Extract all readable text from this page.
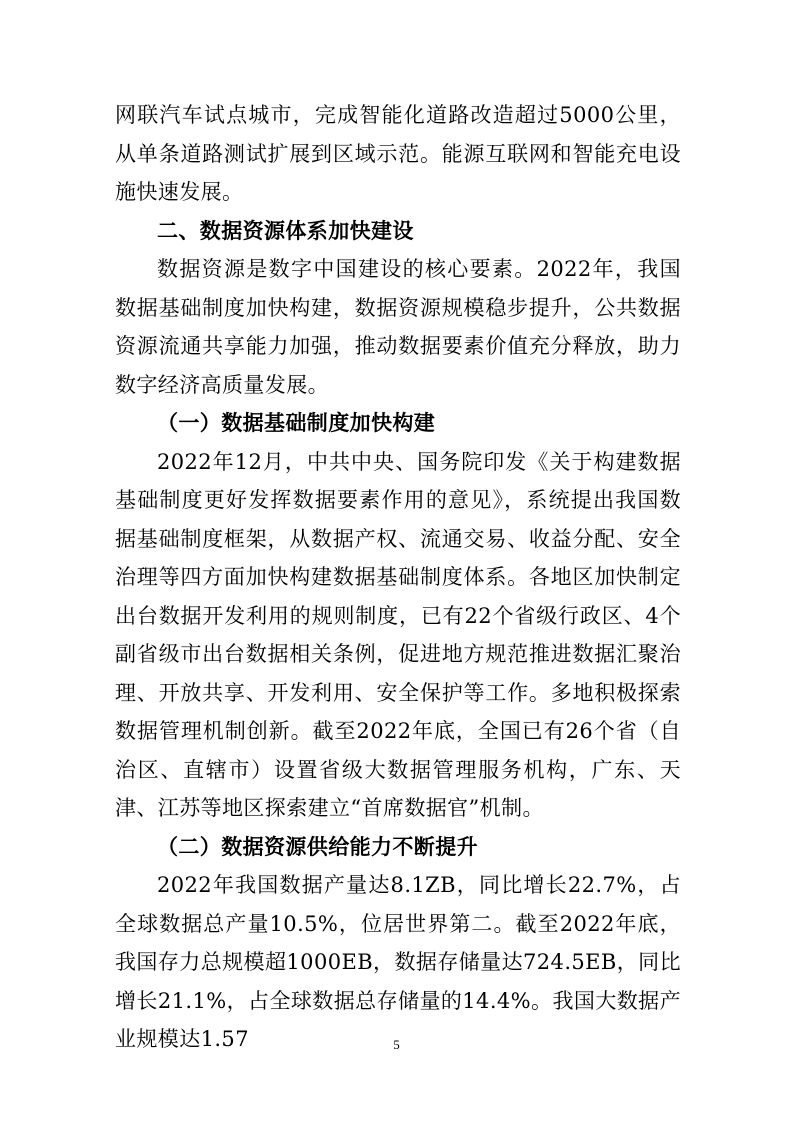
网联汽车试点城市，完成智能化道路改造超过5000公里，从单条道路测试扩展到区域示范。能源互联网和智能充电设施快速发展。

二、数据资源体系加快建设

数据资源是数字中国建设的核心要素。2022年，我国数据基础制度加快构建，数据资源规模稳步提升，公共数据资源流通共享能力加强，推动数据要素价值充分释放，助力数字经济高质量发展。

（一）数据基础制度加快构建

2022年12月，中共中央、国务院印发《关于构建数据基础制度更好发挥数据要素作用的意见》，系统提出我国数据基础制度框架，从数据产权、流通交易、收益分配、安全治理等四方面加快构建数据基础制度体系。各地区加快制定出台数据开发利用的规则制度，已有22个省级行政区、4个副省级市出台数据相关条例，促进地方规范推进数据汇聚治理、开放共享、开发利用、安全保护等工作。多地积极探索数据管理机制创新。截至2022年底，全国已有26个省（自治区、直辖市）设置省级大数据管理服务机构，广东、天津、江苏等地区探索建立“首席数据官”机制。

（二）数据资源供给能力不断提升

2022年我国数据产量达8.1ZB，同比增长22.7%，占全球数据总产量10.5%，位居世界第二。截至2022年底，我国存力总规模超1000EB，数据存储量达724.5EB，同比增长21.1%，占全球数据总存储量的14.4%。我国大数据产业规模达1.57	5
